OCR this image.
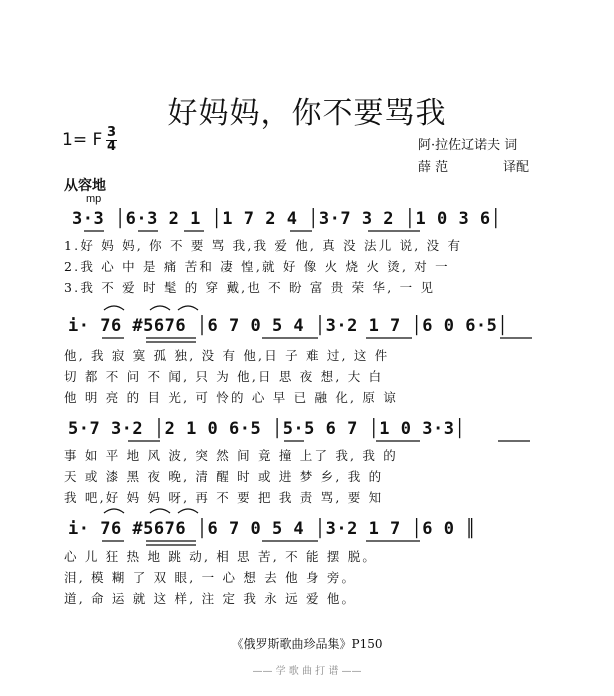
好妈妈，你不要骂我
1= F 3
4	阿·拉佐辽诺夫 词
薛 范	译配
从容地
mp
3·3 │6·3 2 1 │1 7 2 4 │3·7 3 2 │1 0 3 6│
1.好 妈 妈, 你 不 要 骂 我,我 爱 他, 真 没 法儿 说, 没 有
2.我 心 中 是 痛 苦和 凄 惶,就 好 像 火 烧 火 烫, 对 一
3.我 不 爱 时 髦 的 穿 戴,也 不 盼 富 贵 荣 华, 一 见
i· 76 #5676 │6 7 0 5 4 │3·2 1 7 │6 0 6·5│
他, 我 寂 寞 孤 独, 没 有 他,日 子 难 过, 这 件
切 都 不 问 不 闻, 只 为 他,日 思 夜 想, 大 白
他 明 亮 的 目 光, 可 怜的 心 早 已 融 化, 原 谅
5·7 3·2 │2 1 0 6·5 │5·5 6 7 │1 0 3·3│
事 如 平 地 风 波, 突 然 间 竟 撞 上了 我, 我 的
天 或 漆 黑 夜 晚, 清 醒 时 或 进 梦 乡, 我 的
我 吧,好 妈 妈 呀, 再 不 要 把 我 责 骂, 要 知
i· 76 #5676 │6 7 0 5 4 │3·2 1 7 │6 0 ║
心 儿 狂 热 地 跳 动, 相 思 苦, 不 能 摆 脱。
泪, 模 糊 了 双 眼, 一 心 想 去 他 身 旁。
道, 命 运 就 这 样, 注 定 我 永 远 爱 他。
《俄罗斯歌曲珍品集》P150
—— 学 歌 曲 打 谱 ——
